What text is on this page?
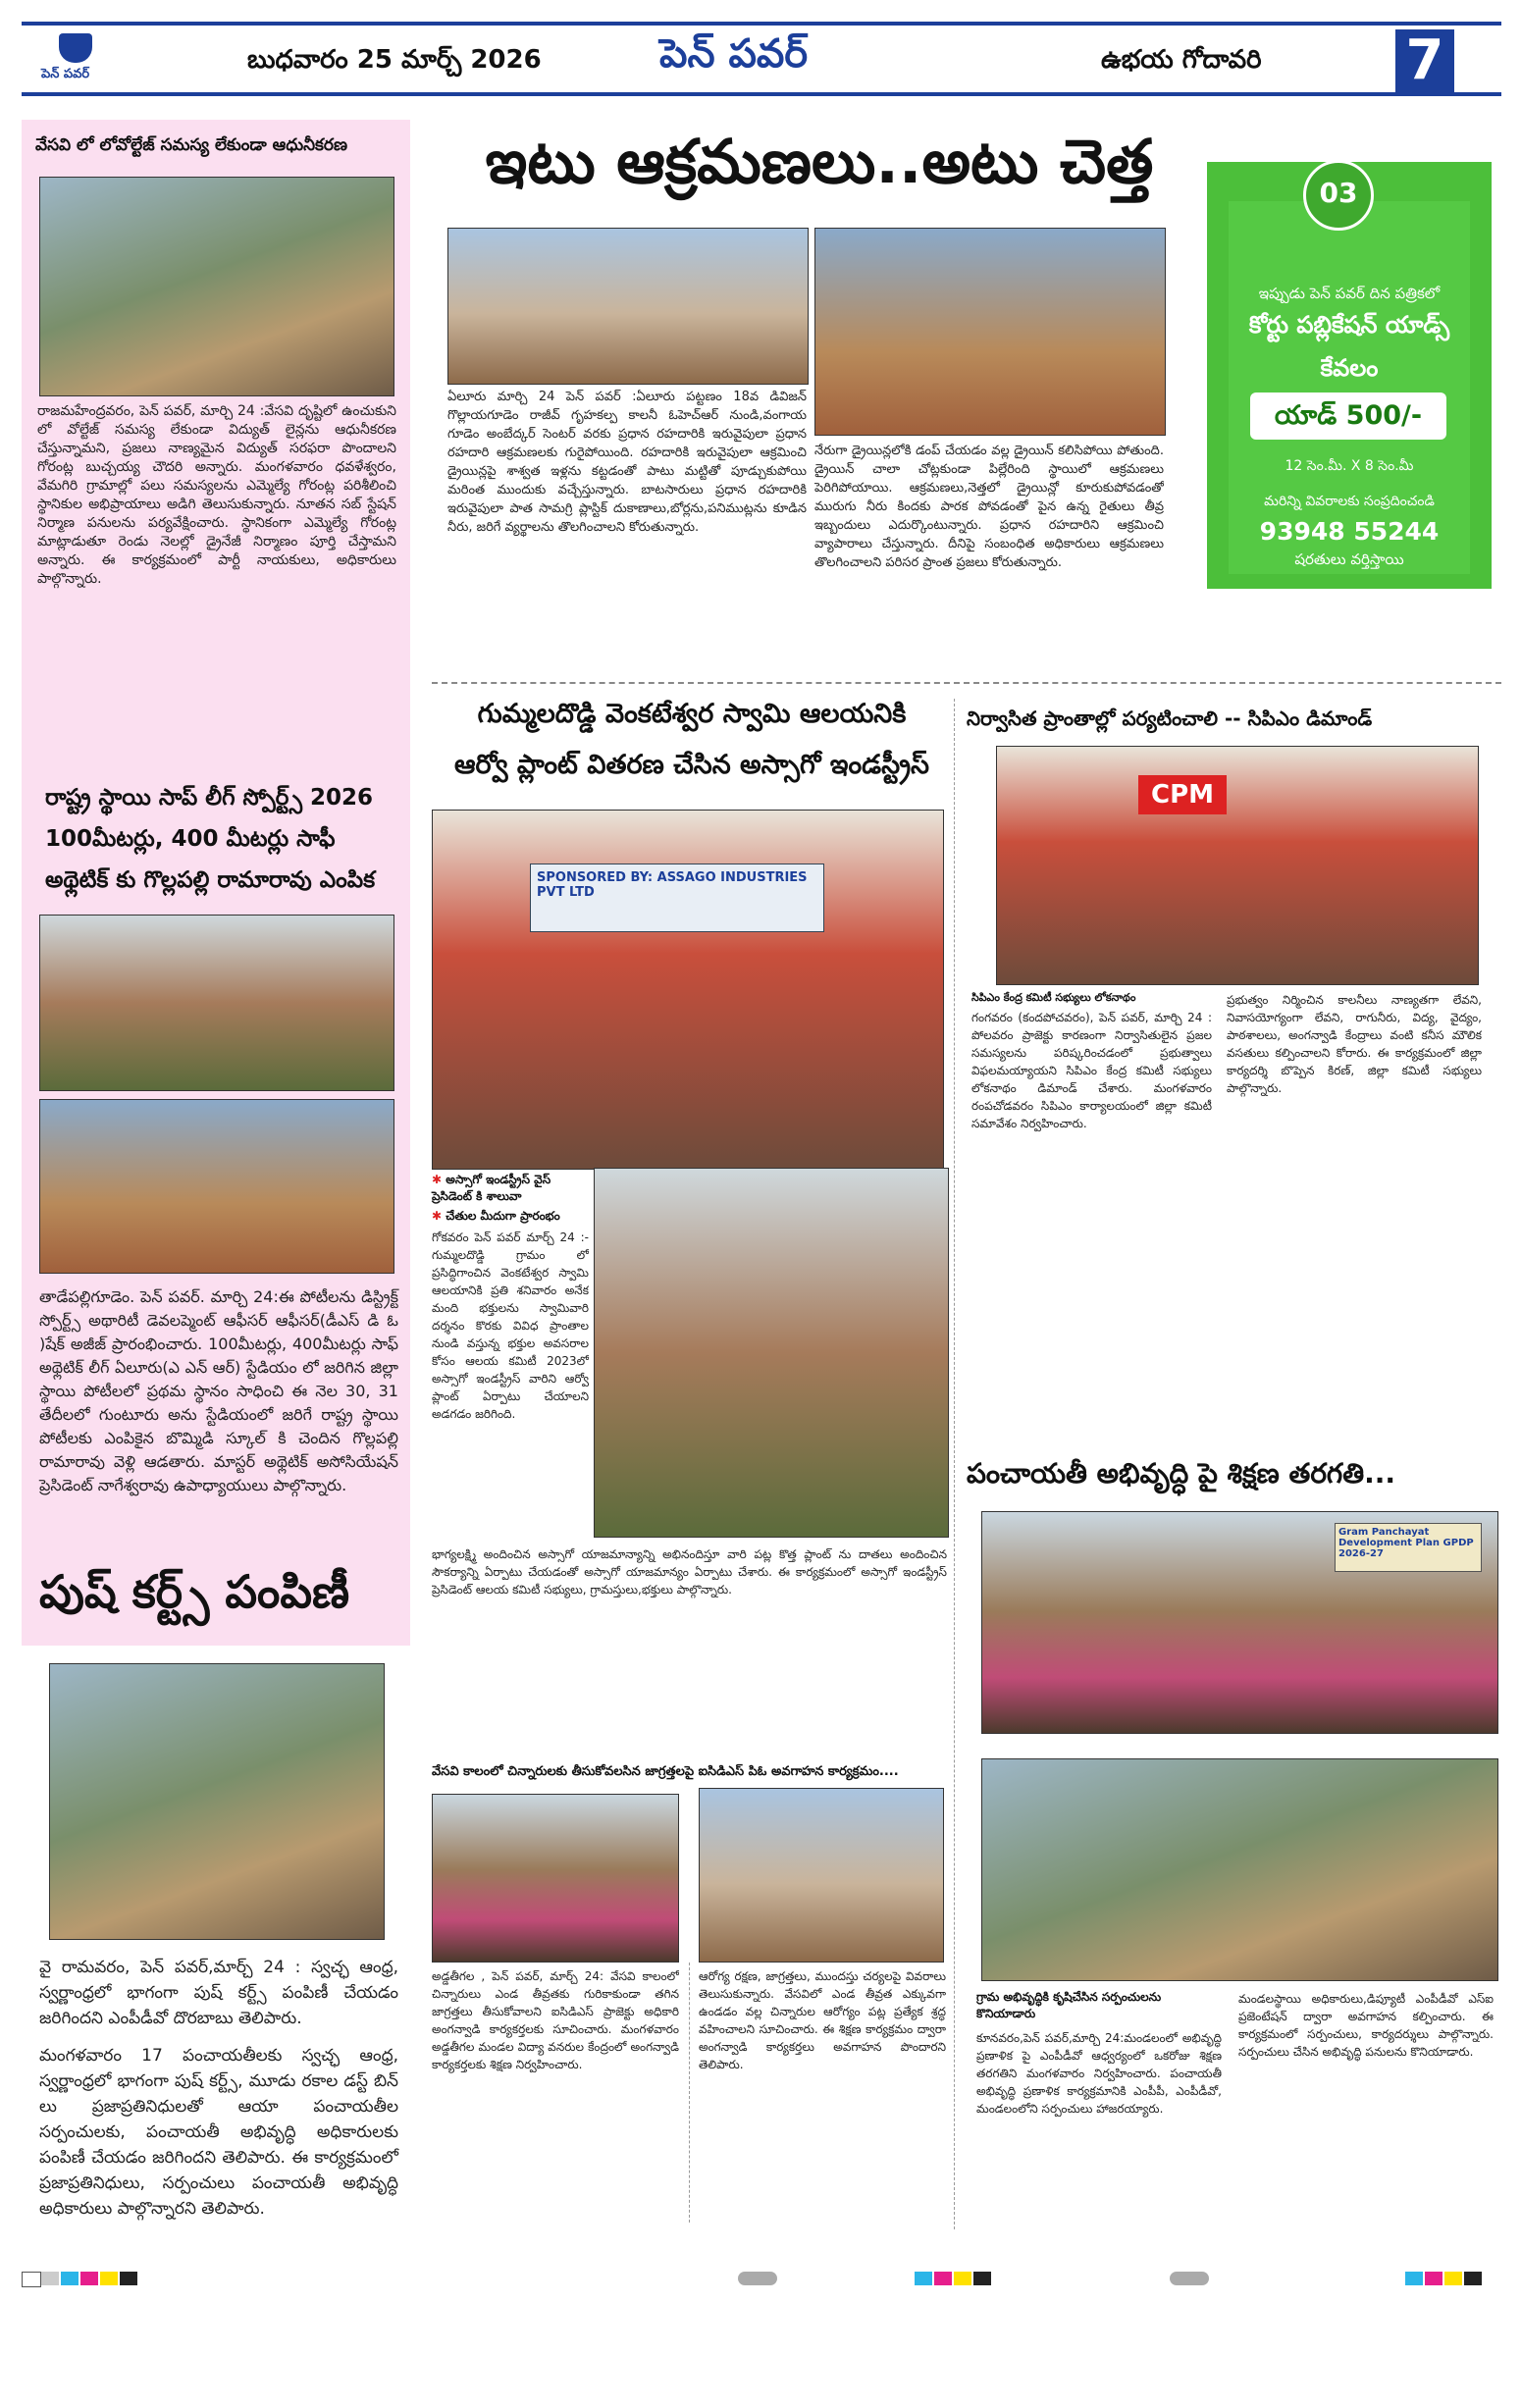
పెన్ పవర్	బుధవారం 25 మార్చ్ 2026	పెన్ పవర్	ఉభయ గోదావరి	7
వేసవి లో లోవోల్టేజ్ సమస్య లేకుండా ఆధునీకరణ
రాజమహేంద్రవరం, పెన్ పవర్, మార్చి 24 :వేసవి దృష్టిలో ఉంచుకుని లో వోల్టేజ్ సమస్య లేకుండా విద్యుత్ లైన్లను ఆధునీకరణ చేస్తున్నామని, ప్రజలు నాణ్యమైన విద్యుత్ సరఫరా పొందాలని గోరంట్ల బుచ్చయ్య చౌదరి అన్నారు. మంగళవారం ధవళేశ్వరం, వేమగిరి గ్రామాల్లో పలు సమస్యలను ఎమ్మెల్యే గోరంట్ల పరిశీలించి స్థానికుల అభిప్రాయాలు అడిగి తెలుసుకున్నారు. నూతన సబ్ స్టేషన్ నిర్మాణ పనులను పర్యవేక్షించారు. స్థానికంగా ఎమ్మెల్యే గోరంట్ల మాట్లాడుతూ రెండు నెలల్లో డ్రైనేజీ నిర్మాణం పూర్తి చేస్తామని అన్నారు. ఈ కార్యక్రమంలో పార్టీ నాయకులు, అధికారులు పాల్గొన్నారు.
రాష్ట్ర స్థాయి సాప్ లీగ్ స్పోర్ట్స్ 2026
100మీటర్లు, 400 మీటర్లు సాఫీ
అథ్లెటిక్ కు గొల్లపల్లి రామారావు ఎంపిక
తాడేపల్లిగూడెం. పెన్ పవర్. మార్చి 24:ఈ పోటీలను డిస్ట్రిక్ట్ స్పోర్ట్స్ అథారిటీ డెవలప్మెంట్ ఆఫీసర్ ఆఫీసర్(డీఎస్ డి ఓ )షేక్ అజీజ్ ప్రారంభించారు. 100మీటర్లు, 400మీటర్లు సాఫ్ అథ్లెటిక్ లీగ్ ఏలూరు(ఎ ఎన్ ఆర్) స్టేడియం లో జరిగిన జిల్లా స్థాయి పోటీలలో ప్రథమ స్థానం సాధించి ఈ నెల 30, 31 తేదీలలో గుంటూరు అను స్టేడియంలో జరిగే రాష్ట్ర స్థాయి పోటీలకు ఎంపికైన బొమ్మిడి స్కూల్ కి చెందిన గొల్లపల్లి రామారావు వెళ్లి ఆడతారు. మాస్టర్ అథ్లెటిక్ అసోసియేషన్ ప్రెసిడెంట్ నాగేశ్వరావు ఉపాధ్యాయులు పాల్గొన్నారు.
పుష్ కర్ట్స్ పంపిణీ
వై రామవరం, పెన్ పవర్,మార్చ్ 24 : స్వచ్ఛ ఆంధ్ర, స్వర్ణాంధ్రలో భాగంగా పుష్ కర్ట్స్ పంపిణీ చేయడం జరిగిందని ఎంపీడీవో దొరబాబు తెలిపారు.
మంగళవారం 17 పంచాయతీలకు స్వచ్ఛ ఆంధ్ర, స్వర్ణాంధ్రలో భాగంగా పుష్ కర్ట్స్, మూడు రకాల డస్ట్ బిన్ లు ప్రజాప్రతినిధులతో ఆయా పంచాయతీల సర్పంచులకు, పంచాయతీ అభివృద్ధి అధికారులకు పంపిణీ చేయడం జరిగిందని తెలిపారు. ఈ కార్యక్రమంలో ప్రజాప్రతినిధులు, సర్పంచులు పంచాయతీ అభివృద్ధి అధికారులు పాల్గొన్నారని తెలిపారు.
ఇటు ఆక్రమణలు..అటు చెత్త
ఏలూరు మార్చి 24 పెన్ పవర్ :ఏలూరు పట్టణం 18వ డివిజన్ గొల్లాయగూడెం రాజీవ్ గృహకల్ప కాలనీ ఓహెచ్ఆర్ నుండి,వంగాయ గూడెం అంబేద్కర్ సెంటర్ వరకు ప్రధాన రహదారికి ఇరువైపులా ప్రధాన రహదారి ఆక్రమణలకు గురైపోయింది. రహదారికి ఇరువైపులా ఆక్రమించి డ్రైయిన్లపై శాశ్వత ఇళ్లను కట్టడంతో పాటు మట్టితో పూడ్చుకుపోయి మరింత ముందుకు వచ్చేస్తున్నారు. బాటసారులు ప్రధాన రహదారికి ఇరువైపులా పాత సామగ్రి ప్లాస్టిక్ దుకాణాలు,బోర్లను,పనిముట్లను కూడిన నీరు, జరిగే వ్యర్థాలను తొలగించాలని కోరుతున్నారు.
నేరుగా డ్రైయిన్లలోకి డంప్ చేయడం వల్ల డ్రైయిన్ కలిసిపోయి పోతుంది. డ్రైయిన్ చాలా చోట్లకుండా పిల్లేరింది స్థాయిలో ఆక్రమణలు పెరిగిపోయాయి. ఆక్రమణలు,నెత్తలో డ్రైయిన్లో కూరుకుపోవడంతో మురుగు నీరు కిందకు పారక పోవడంతో పైన ఉన్న రైతులు తీవ్ర ఇబ్బందులు ఎదుర్కొంటున్నారు. ప్రధాన రహదారిని ఆక్రమించి వ్యాపారాలు చేస్తున్నారు. దీనిపై సంబంధిత అధికారులు ఆక్రమణలు తొలగించాలని పరిసర ప్రాంత ప్రజలు కోరుతున్నారు.
ఇప్పుడు పెన్ పవర్ దిన పత్రికలో
కోర్టు పబ్లికేషన్ యాడ్స్
కేవలం
యాడ్ 500/-
12 సెం.మీ. X 8 సెం.మీ
మరిన్ని వివరాలకు సంప్రదించండి
93948 55244
షరతులు వర్తిస్తాయి
03
గుమ్మలదొడ్డి వెంకటేశ్వర స్వామి ఆలయనికి
ఆర్వో ప్లాంట్ వితరణ చేసిన అస్సాగో ఇండస్ట్రీస్
SPONSORED BY: ASSAGO INDUSTRIES PVT LTD
✱ అస్సాగో ఇండస్ట్రీస్ వైస్ ప్రెసిడెంట్ కి శాలువా
✱ చేతుల మీదుగా ప్రారంభం
గోకవరం పెన్ పవర్ మార్చ్ 24 :- గుమ్మలదొడ్డి గ్రామం లో ప్రసిద్ధిగాంచిన వెంకటేశ్వర స్వామి ఆలయానికి ప్రతి శనివారం అనేక మంది భక్తులను స్వామివారి దర్శనం కొరకు వివిధ ప్రాంతాల నుండి వస్తున్న భక్తుల అవసరాల కోసం ఆలయ కమిటీ 2023లో అస్సాగో ఇండస్ట్రీస్ వారిని ఆర్వో ప్లాంట్ ఏర్పాటు చేయాలని అడగడం జరిగింది.
భాగ్యలక్ష్మి అందించిన అస్సాగో యాజమాన్యాన్ని అభినందిస్తూ వారి పట్ల కొత్త ప్లాంట్ ను దాతలు అందించిన సౌకర్యాన్ని ఏర్పాటు చేయడంతో అస్సాగో యాజమాన్యం ఏర్పాటు చేశారు. ఈ కార్యక్రమంలో అస్సాగో ఇండస్ట్రీస్ ప్రెసిడెంట్ ఆలయ కమిటీ సభ్యులు, గ్రామస్తులు,భక్తులు పాల్గొన్నారు.
వేసవి కాలంలో చిన్నారులకు తీసుకోవలసిన జాగ్రత్తలపై ఐసిడిఎస్ పిఓ అవగాహన కార్యక్రమం....
అడ్డతీగల , పెన్ పవర్, మార్చ్ 24: వేసవి కాలంలో చిన్నారులు ఎండ తీవ్రతకు గురికాకుండా తగిన జాగ్రత్తలు తీసుకోవాలని ఐసిడిఎస్ ప్రాజెక్టు అధికారి అంగన్వాడి కార్యకర్తలకు సూచించారు. మంగళవారం అడ్డతీగల మండల విద్యా వనరుల కేంద్రంలో అంగన్వాడి కార్యకర్తలకు శిక్షణ నిర్వహించారు.
ఆరోగ్య రక్షణ, జాగ్రత్తలు, ముందస్తు చర్యలపై వివరాలు తెలుసుకున్నారు. వేసవిలో ఎండ తీవ్రత ఎక్కువగా ఉండడం వల్ల చిన్నారుల ఆరోగ్యం పట్ల ప్రత్యేక శ్రద్ధ వహించాలని సూచించారు. ఈ శిక్షణ కార్యక్రమం ద్వారా అంగన్వాడి కార్యకర్తలు అవగాహన పొందారని తెలిపారు.
నిర్వాసిత ప్రాంతాల్లో పర్యటించాలి -- సిపిఎం డిమాండ్
CPM
సిపిఎం కేంద్ర కమిటీ సభ్యులు లోకనాథం
గంగవరం (కందపోచవరం), పెన్ పవర్, మార్చి 24 : పోలవరం ప్రాజెక్టు కారణంగా నిర్వాసితులైన ప్రజల సమస్యలను పరిష్కరించడంలో ప్రభుత్వాలు విఫలమయ్యాయని సిపిఎం కేంద్ర కమిటీ సభ్యులు లోకనాథం డిమాండ్ చేశారు. మంగళవారం రంపచోడవరం సిపిఎం కార్యాలయంలో జిల్లా కమిటీ సమావేశం నిర్వహించారు.
ప్రభుత్వం నిర్మించిన కాలనీలు నాణ్యతగా లేవని, నివాసయోగ్యంగా లేవని, రాగునీరు, విద్య, వైద్యం, పాఠశాలలు, అంగన్వాడి కేంద్రాలు వంటి కనీస మౌలిక వసతులు కల్పించాలని కోరారు. ఈ కార్యక్రమంలో జిల్లా కార్యదర్శి బొప్పెన కిరణ్, జిల్లా కమిటీ సభ్యులు పాల్గొన్నారు.
పంచాయతీ అభివృద్ధి పై శిక్షణ తరగతి...
Gram Panchayat Development Plan GPDP 2026-27
గ్రామ అభివృద్ధికి కృషిచేసిన సర్పంచులను కొనియాడారు
కూనవరం,పెన్ పవర్,మార్చి 24:మండలంలో అభివృద్ధి ప్రణాళిక పై ఎంపీడీవో ఆధ్వర్యంలో ఒకరోజు శిక్షణ తరగతిని మంగళవారం నిర్వహించారు. పంచాయతీ అభివృద్ధి ప్రణాళిక కార్యక్రమానికి ఎంపీపీ, ఎంపీడీవో, మండలంలోని సర్పంచులు హాజరయ్యారు.
మండలస్థాయి అధికారులు,డిప్యూటీ ఎంపీడీవో ఎస్ఐ ప్రజెంటేషన్ ద్వారా అవగాహన కల్పించారు. ఈ కార్యక్రమంలో సర్పంచులు, కార్యదర్శులు పాల్గొన్నారు. సర్పంచులు చేసిన అభివృద్ధి పనులను కొనియాడారు.
